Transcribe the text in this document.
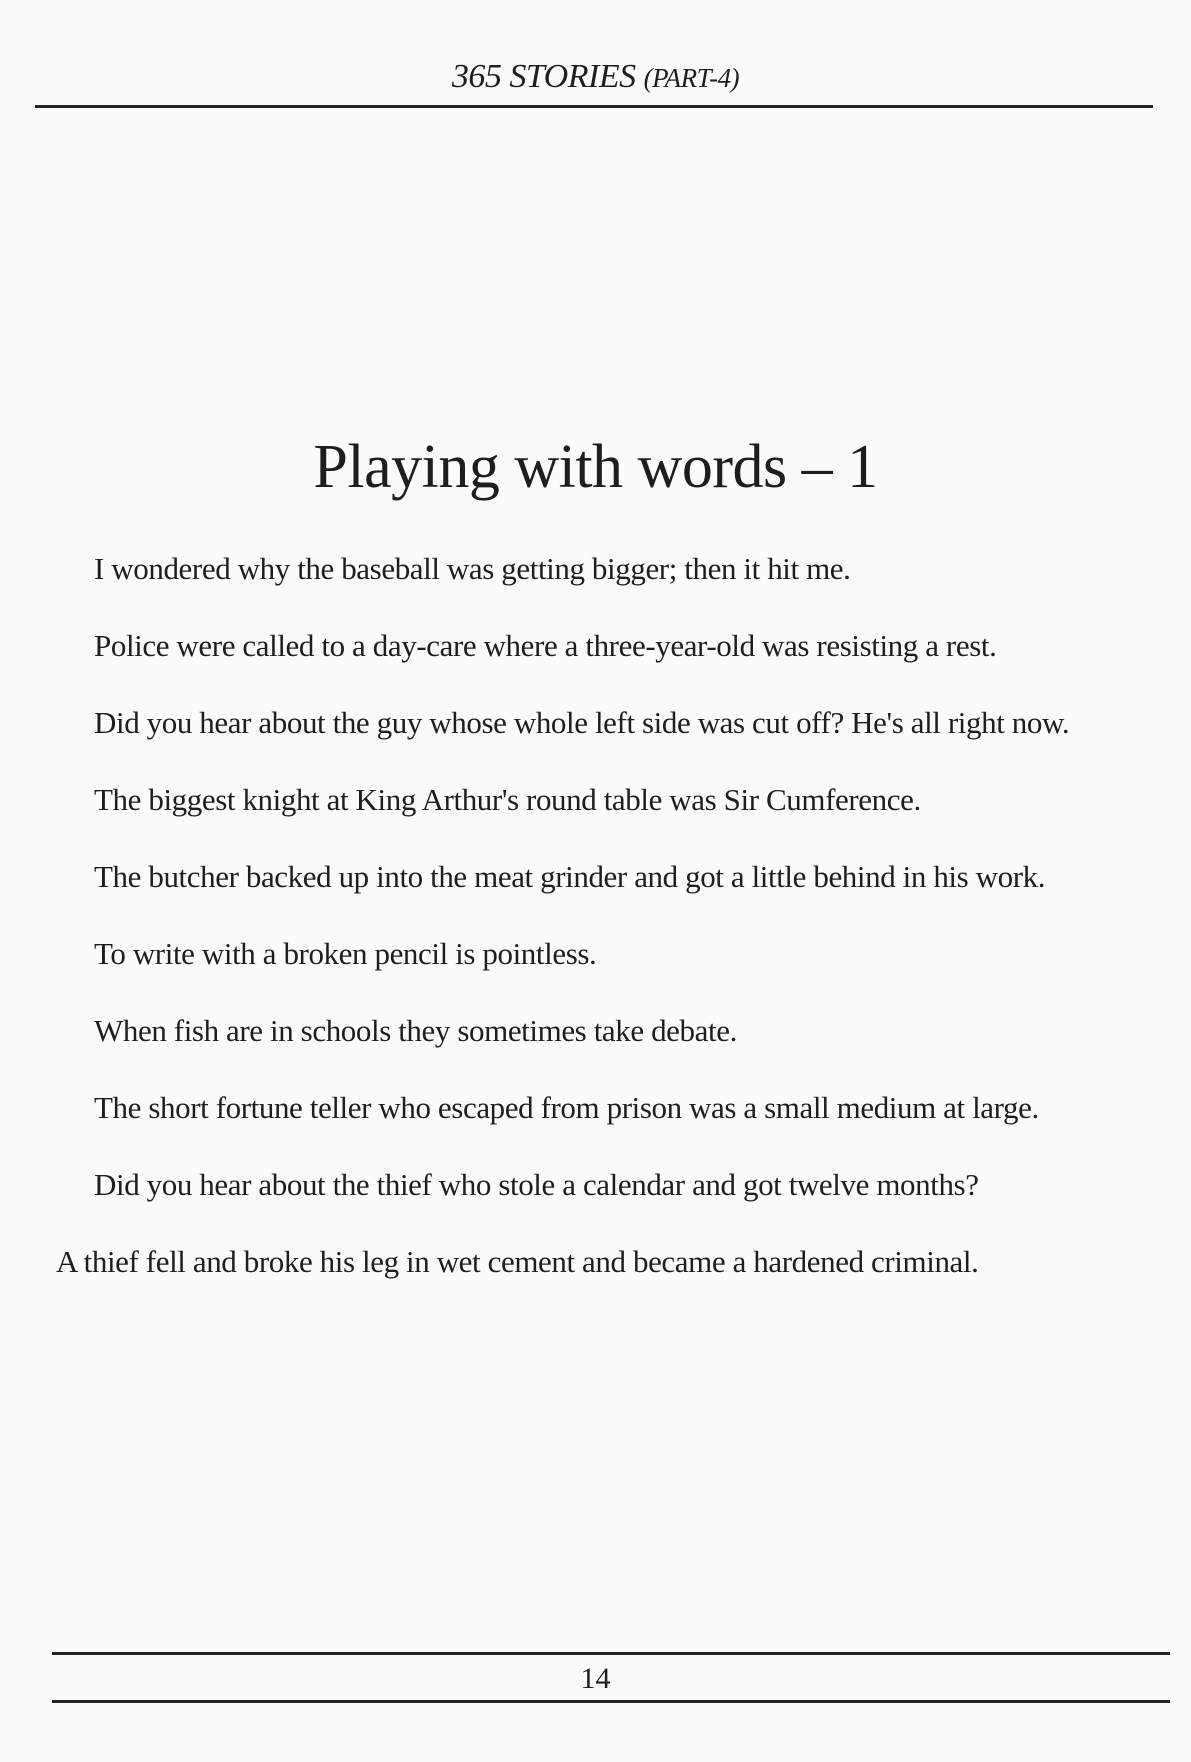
365 STORIES (PART-4)
Playing with words – 1

I wondered why the baseball was getting bigger; then it hit me.

Police were called to a day-care where a three-year-old was resisting a rest.

Did you hear about the guy whose whole left side was cut off? He's all right now.

The biggest knight at King Arthur's round table was Sir Cumference.

The butcher backed up into the meat grinder and got a little behind in his work.

To write with a broken pencil is pointless.

When fish are in schools they sometimes take debate.

The short fortune teller who escaped from prison was a small medium at large.

Did you hear about the thief who stole a calendar and got twelve months?

A thief fell and broke his leg in wet cement and became a hardened criminal.

14
